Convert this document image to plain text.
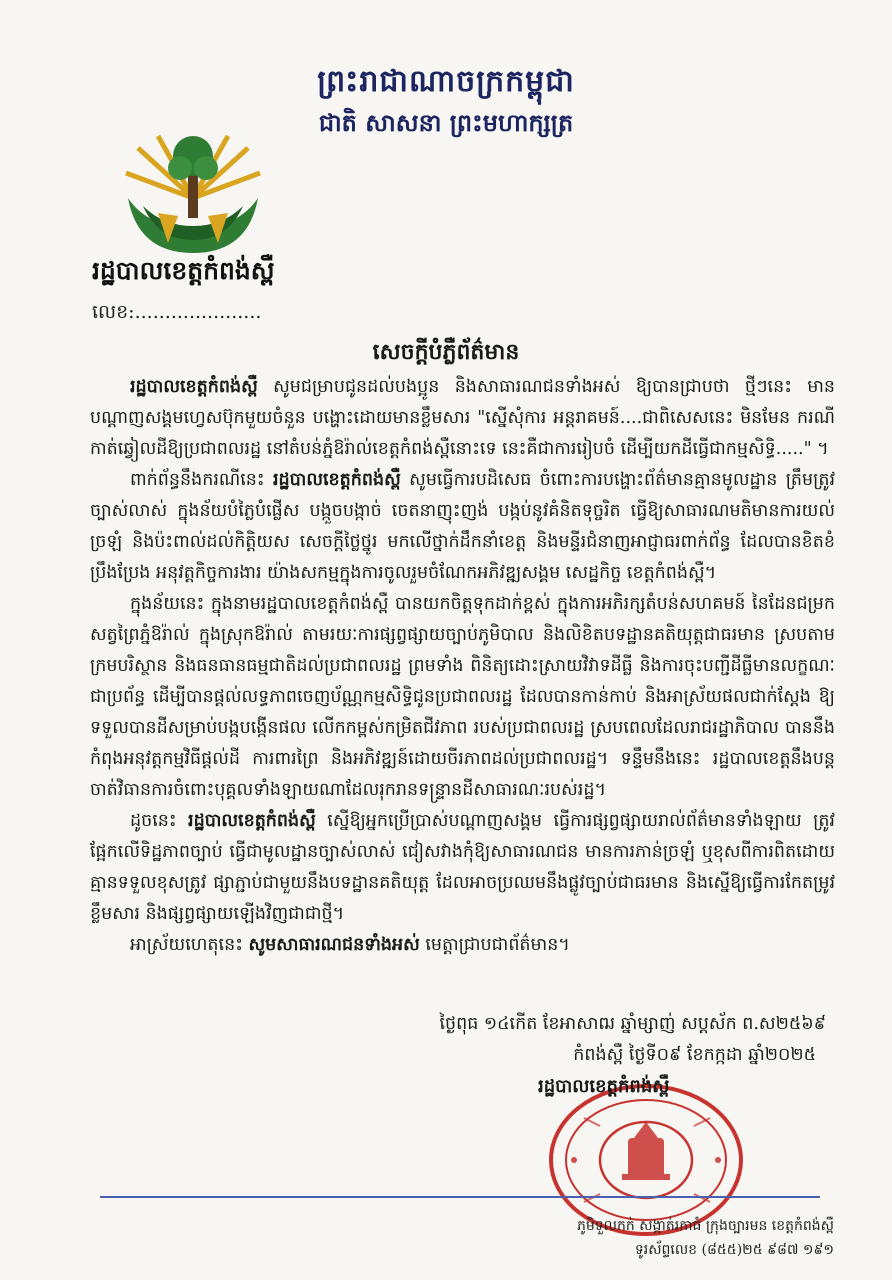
ព្រះរាជាណាចក្រកម្ពុជា
ជាតិ សាសនា ព្រះមហាក្សត្រ
រដ្ឋបាលខេត្តកំពង់ស្ពឺ
លេខ:.....................
សេចក្តីបំភ្លឺព័ត៌មាន

រដ្ឋបាលខេត្តកំពង់ស្ពឺ សូមជម្រាបជូនដល់បងប្អូន និងសាធារណជនទាំងអស់ ឱ្យបានជ្រាបថា ថ្មីៗនេះ មានបណ្ដាញសង្គមហ្វេសប៊ុកមួយចំនួន បង្ហោះដោយមានខ្លឹមសារ "ស្នើសុំការ អន្តរាគមន៍....ជាពិសេសនេះ មិនមែន ករណីកាត់ឆ្វៀលដីឱ្យប្រជាពលរដ្ឋ នៅតំបន់ភ្នំឱរ៉ាល់ខេត្តកំពង់ស្ពឺនោះទេ នេះគឺជាការរៀបចំ ដើម្បីយកដីធ្វើជាកម្មសិទ្ធិ....." ។

ពាក់ព័ន្ធនឹងករណីនេះ រដ្ឋបាលខេត្តកំពង់ស្ពឺ សូមធ្វើការបដិសេធ ចំពោះការបង្ហោះព័ត៌មានគ្មានមូលដ្ឋាន ត្រឹមត្រូវច្បាស់លាស់ ក្នុងន័យបំភ្លៃបំផ្លើស បង្កួចបង្កាច់ ចេតនាញុះញង់ បង្កប់នូវគំនិតទុច្ចរិត ធ្វើឱ្យសាធារណមតិមានការយល់ច្រឡំ និងប៉ះពាល់ដល់កិត្តិយស សេចក្តីថ្លៃថ្នូរ មកលើថ្នាក់ដឹកនាំខេត្ត និងមន្ទីរជំនាញអាជ្ញាធរពាក់ព័ន្ធ ដែលបានខិតខំប្រឹងប្រែង អនុវត្តកិច្ចការងារ យ៉ាងសកម្មក្នុងការចូលរួមចំណែកអភិវឌ្ឍសង្គម សេដ្ឋកិច្ច ខេត្តកំពង់ស្ពឺ។

ក្នុងន័យនេះ ក្នុងនាមរដ្ឋបាលខេត្តកំពង់ស្ពឺ បានយកចិត្តទុកដាក់ខ្ពស់ ក្នុងការអភិរក្សតំបន់សហគមន៍ នៃដែនជម្រកសត្វព្រៃភ្នំឱរ៉ាល់ ក្នុងស្រុកឱរ៉ាល់ តាមរយៈការផ្សព្វផ្សាយច្បាប់ភូមិបាល និងលិខិតបទដ្ឋានគតិយុត្តជាធរមាន ស្របតាមក្រមបរិស្ថាន និងធនធានធម្មជាតិដល់ប្រជាពលរដ្ឋ ព្រមទាំង ពិនិត្យដោះស្រាយវិវាទដីធ្លី និងការចុះបញ្ជីដីធ្លីមានលក្ខណៈជាប្រព័ន្ធ ដើម្បីបានផ្តល់លទ្ធភាពចេញប័ណ្ណកម្មសិទ្ធិជូនប្រជាពលរដ្ឋ ដែលបានកាន់កាប់ និងអាស្រ័យផលជាក់ស្តែង ឱ្យទទួលបានដីសម្រាប់បង្កបង្កើនផល លើកកម្ពស់កម្រិតជីវភាព របស់ប្រជាពលរដ្ឋ ស្របពេលដែលរាជរដ្ឋាភិបាល បាននឹងកំពុងអនុវត្តកម្មវិធីផ្តល់ដី ការពារព្រៃ និងអភិវឌ្ឍន៍ដោយចីរភាពដល់ប្រជាពលរដ្ឋ។ ទន្ទឹមនឹងនេះ រដ្ឋបាលខេត្តនឹងបន្តចាត់វិធានការចំពោះបុគ្គលទាំងឡាយណាដែលរុករានទន្ទ្រានដីសាធារណៈរបស់រដ្ឋ។

ដូចនេះ រដ្ឋបាលខេត្តកំពង់ស្ពឺ ស្នើឱ្យអ្នកប្រើប្រាស់បណ្តាញសង្គម ធ្វើការផ្សព្វផ្សាយរាល់ព័ត៌មានទាំងឡាយ ត្រូវផ្អែកលើទិដ្ឋភាពច្បាប់ ធ្វើជាមូលដ្ឋានច្បាស់លាស់ ជៀសវាងកុំឱ្យសាធារណជន មានការភាន់ច្រឡំ ឬខុសពីការពិតដោយគ្មានទទួលខុសត្រូវ ផ្សាភ្ជាប់ជាមួយនឹងបទដ្ឋានគតិយុត្ត ដែលអាចប្រឈមនឹងផ្លូវច្បាប់ជាធរមាន និងស្នើឱ្យធ្វើការកែតម្រូវខ្លឹមសារ និងផ្សព្វផ្សាយឡើងវិញជាជាថ្មី។

អាស្រ័យហេតុនេះ សូមសាធារណជនទាំងអស់ មេត្តាជ្រាបជាព័ត៌មាន។

ថ្ងៃពុធ ១៤កើត ខែអាសាឍ ឆ្នាំម្សាញ់ សប្តស័ក ព.ស២៥៦៩
កំពង់ស្ពឺ ថ្ងៃទី០៩ ខែកក្កដា ឆ្នាំ២០២៥
រដ្ឋបាលខេត្តកំពង់ស្ពឺ
ភូមិទួលកក់ សង្កាត់រកាធំ ក្រុងច្បារមន ខេត្តកំពង់ស្ពឺ
ទូរស័ព្ទលេខ (៨៥៥)២៥ ៩៨៧ ១៩១
